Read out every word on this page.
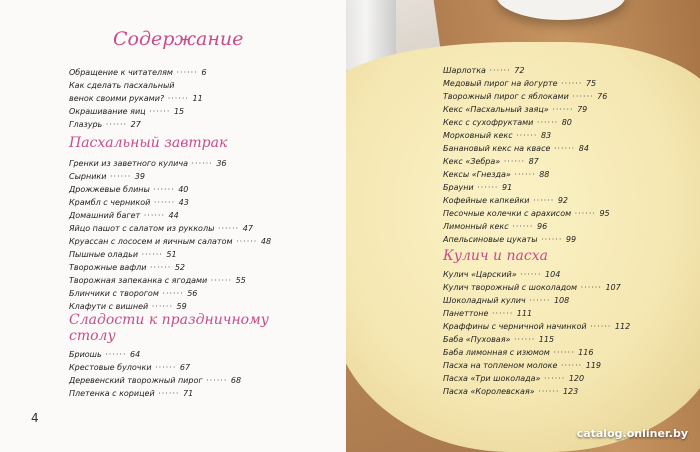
Содержание
Обращение к читателям ······ 6
Как сделать пасхальный
венок своими руками? ······ 11
Окрашивание яиц ······ 15
Глазурь ······ 27
Пасхальный завтрак
Гренки из заветного кулича ······ 36
Сырники ······ 39
Дрожжевые блины ······ 40
Крамбл с черникой ······ 43
Домашний багет ······ 44
Яйцо пашот с салатом из рукколы ······ 47
Круассан с лососем и яичным салатом ······ 48
Пышные оладьи ······ 51
Творожные вафли ······ 52
Творожная запеканка с ягодами ······ 55
Блинчики с творогом ······ 56
Клафути с вишней ······ 59
Сладости к праздничному столу
Бриошь ······ 64
Крестовые булочки ······ 67
Деревенский творожный пирог ······ 68
Плетенка с корицей ······ 71
4
Шарлотка ······ 72
Медовый пирог на йогурте ······ 75
Творожный пирог с яблоками ······ 76
Кекс «Пасхальный заяц» ······ 79
Кекс с сухофруктами ······ 80
Морковный кекс ······ 83
Банановый кекс на квасе ······ 84
Кекс «Зебра» ······ 87
Кексы «Гнезда» ······ 88
Брауни ······ 91
Кофейные капкейки ······ 92
Песочные колечки с арахисом ······ 95
Лимонный кекс ······ 96
Апельсиновые цукаты ······ 99
Кулич и пасха
Кулич «Царский» ······ 104
Кулич творожный с шоколадом ······ 107
Шоколадный кулич ······ 108
Панеттоне ······ 111
Краффины с черничной начинкой ······ 112
Баба «Пуховая» ······ 115
Баба лимонная с изюмом ······ 116
Пасха на топленом молоке ······ 119
Пасха «Три шоколада» ······ 120
Пасха «Королевская» ······ 123
catalog.onliner.by
